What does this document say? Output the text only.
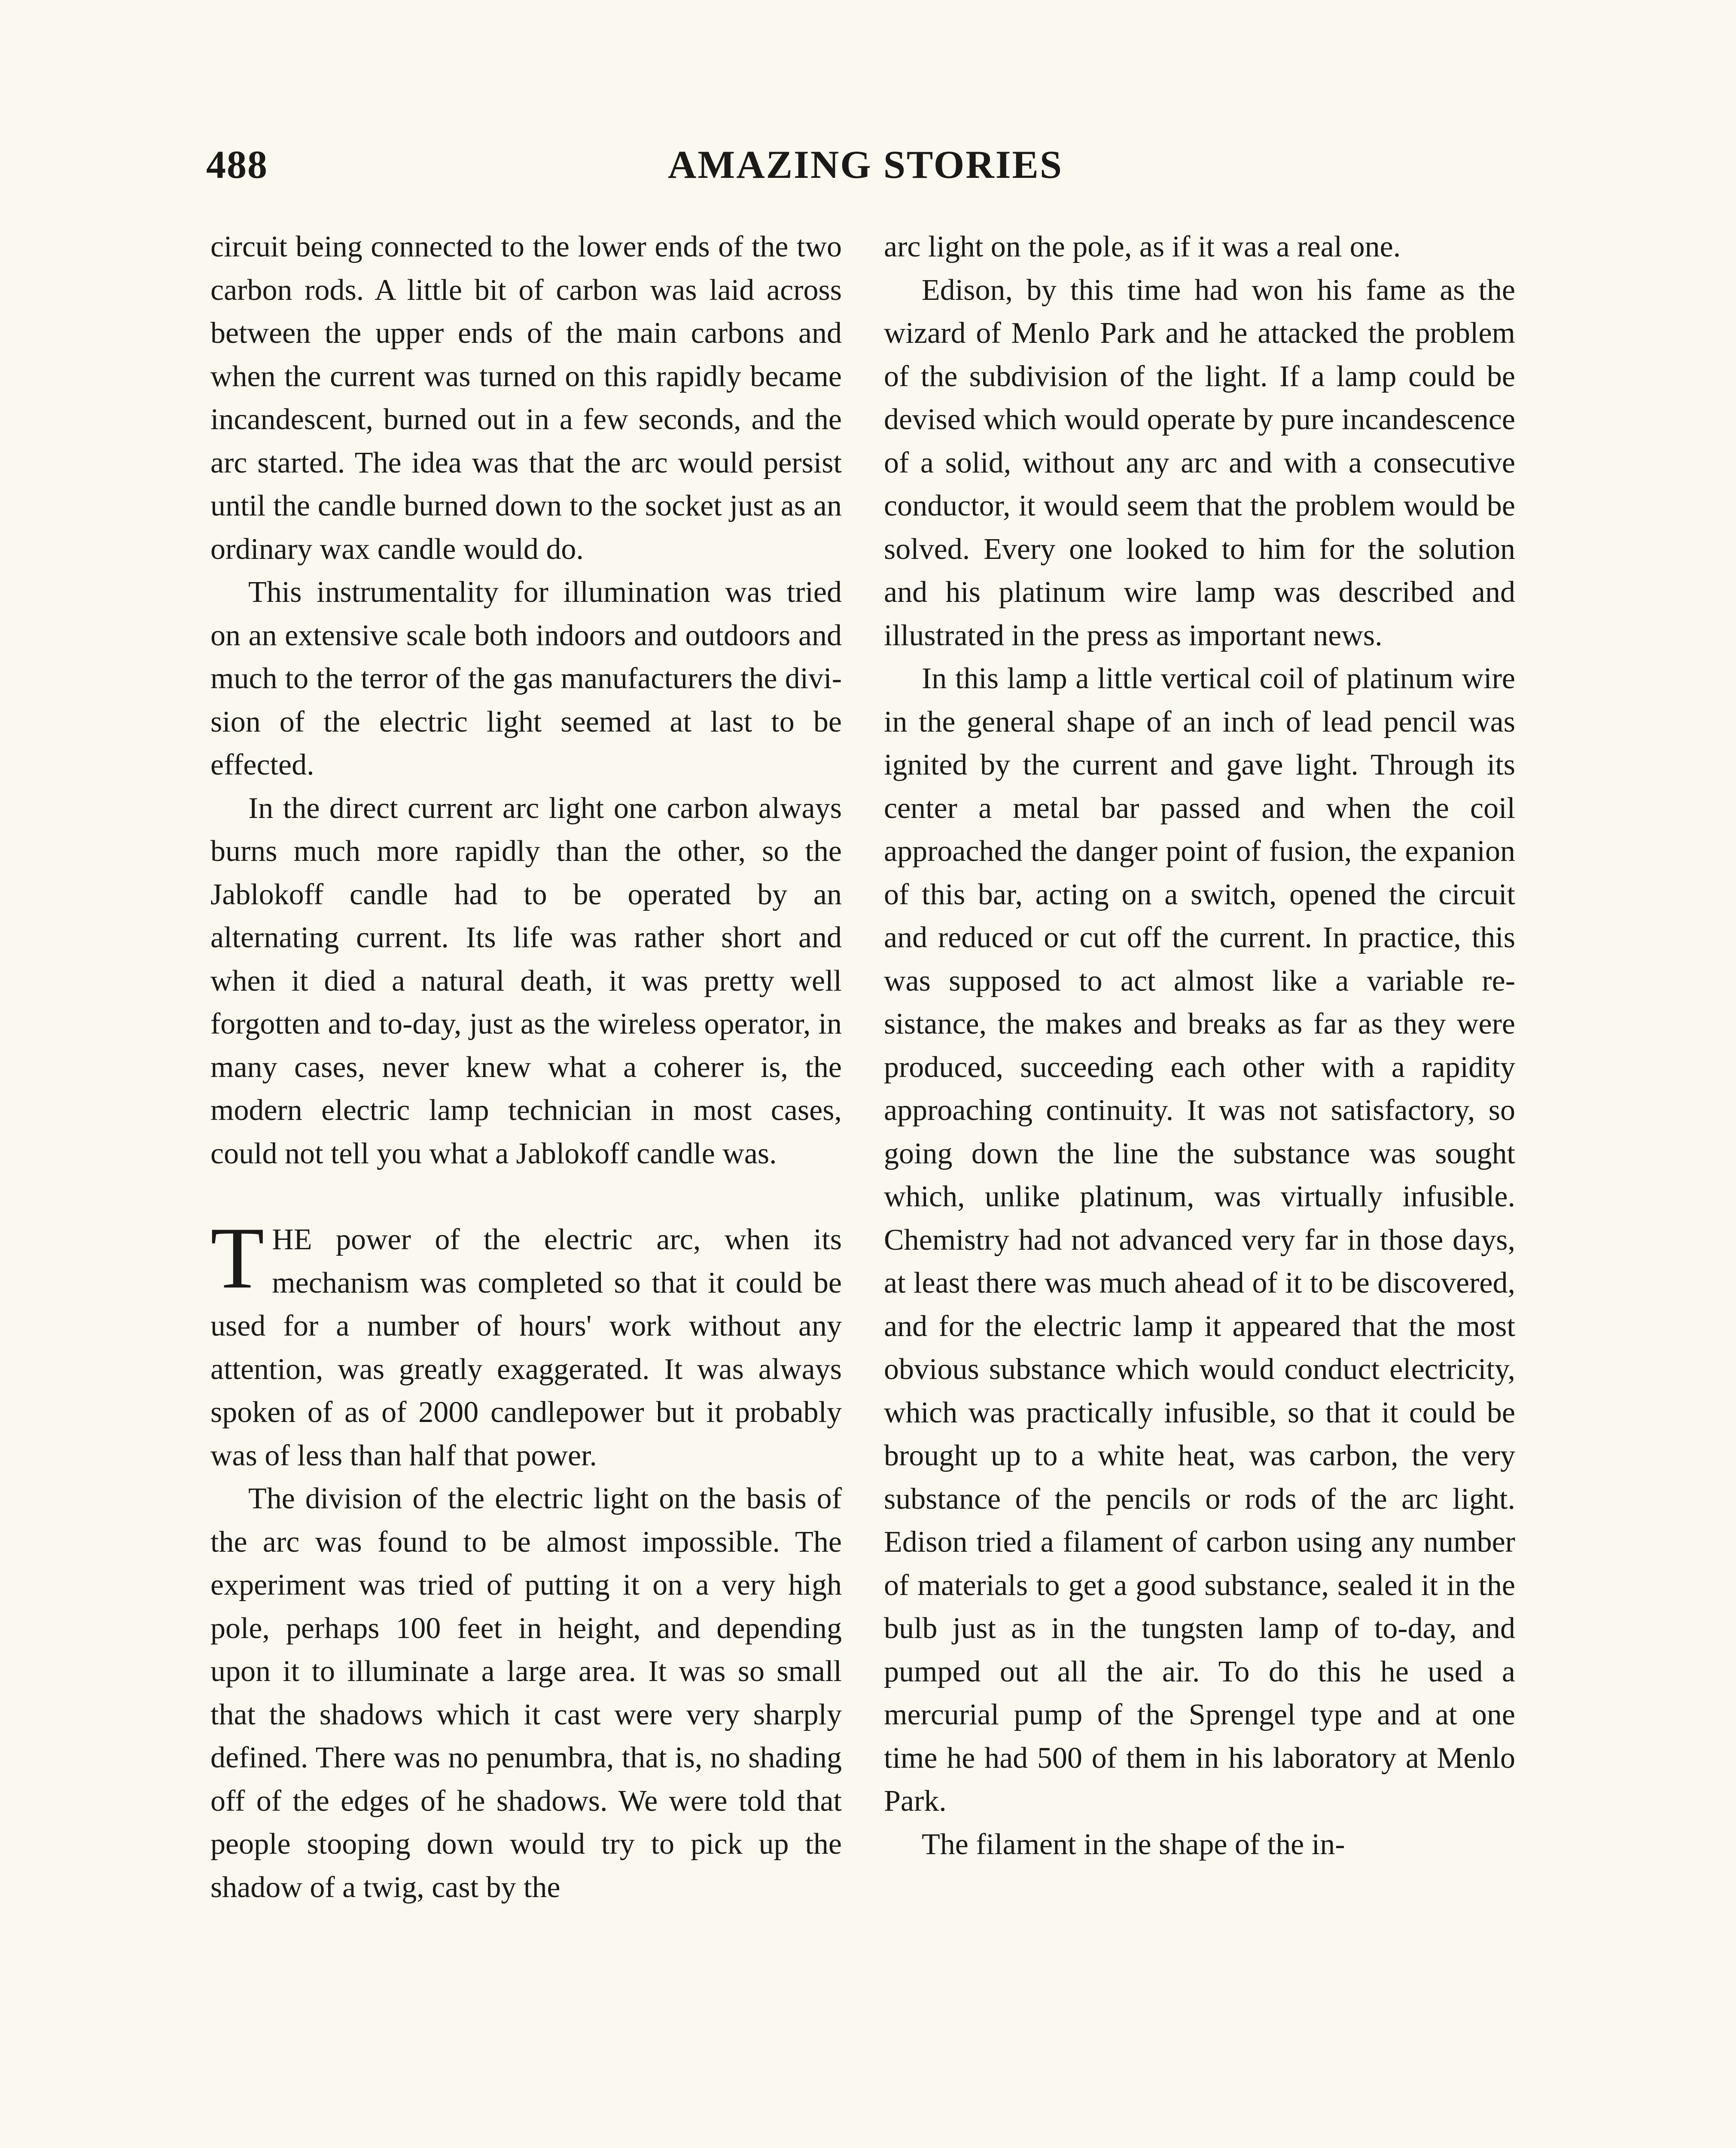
488	AMAZING STORIES

circuit being connected to the lower ends of the two carbon rods. A little bit of carbon was laid across between the upper ends of the main carbons and when the current was turned on this rapidly became incandescent, burned out in a few seconds, and the arc started. The idea was that the arc would persist until the candle burned down to the socket just as an ordinary wax candle would do.

This instrumentality for illumination was tried on an extensive scale both indoors and outdoors and much to the terror of the gas manufacturers the division of the electric light seemed at last to be effected.

In the direct current arc light one carbon always burns much more rapidly than the other, so the Jablokoff candle had to be operated by an alternating current. Its life was rather short and when it died a natural death, it was pretty well forgotten and to-day, just as the wireless operator, in many cases, never knew what a coherer is, the modern electric lamp technician in most cases, could not tell you what a Jablokoff candle was.

THE power of the electric arc, when its mechanism was completed so that it could be used for a number of hours' work without any attention, was greatly exaggerated. It was always spoken of as of 2000 candlepower but it probably was of less than half that power.

The division of the electric light on the basis of the arc was found to be almost impossible. The experiment was tried of putting it on a very high pole, perhaps 100 feet in height, and depending upon it to illuminate a large area. It was so small that the shadows which it cast were very sharply defined. There was no penumbra, that is, no shading off of the edges of he shadows. We were told that people stooping down would try to pick up the shadow of a twig, cast by the

arc light on the pole, as if it was a real one.

Edison, by this time had won his fame as the wizard of Menlo Park and he attacked the problem of the subdivision of the light. If a lamp could be devised which would operate by pure incandescence of a solid, without any arc and with a consecutive conductor, it would seem that the problem would be solved. Every one looked to him for the solution and his platinum wire lamp was described and illustrated in the press as important news.

In this lamp a little vertical coil of platinum wire in the general shape of an inch of lead pencil was ignited by the current and gave light. Through its center a metal bar passed and when the coil approached the danger point of fusion, the expanion of this bar, acting on a switch, opened the circuit and reduced or cut off the current. In practice, this was supposed to act almost like a variable resistance, the makes and breaks as far as they were produced, succeeding each other with a rapidity approaching continuity. It was not satisfactory, so going down the line the substance was sought which, unlike platinum, was virtually infusible. Chemistry had not advanced very far in those days, at least there was much ahead of it to be discovered, and for the electric lamp it appeared that the most obvious substance which would conduct electricity, which was practically infusible, so that it could be brought up to a white heat, was carbon, the very substance of the pencils or rods of the arc light. Edison tried a filament of carbon using any number of materials to get a good substance, sealed it in the bulb just as in the tungsten lamp of to-day, and pumped out all the air. To do this he used a mercurial pump of the Sprengel type and at one time he had 500 of them in his laboratory at Menlo Park.

The filament in the shape of the in-
